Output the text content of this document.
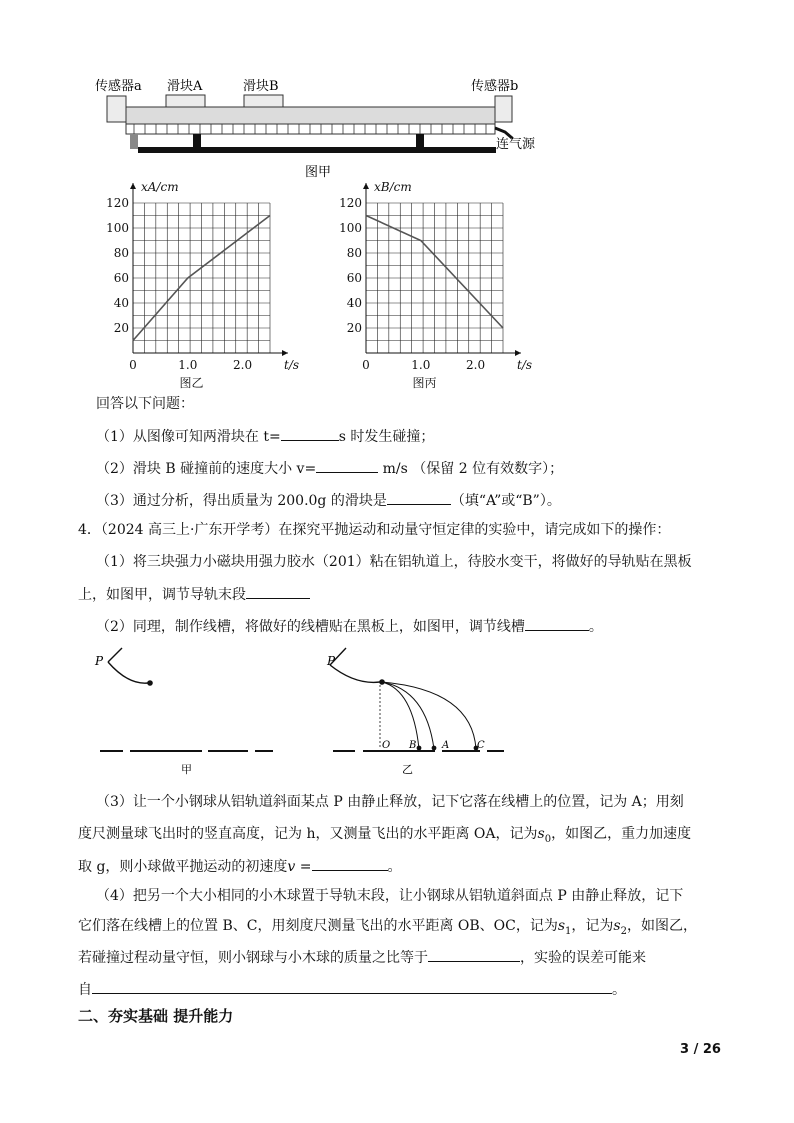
传感器a 滑块A	滑块B	传感器b
连气源
图甲
20
40
60
80
100
120
0	1.0	2.0
xA/cm
t/s
图乙
20
40
60
80
100
120
0	1.0	2.0
xB/cm
t/s
图丙
回答以下问题：
（1）从图像可知两滑块在 t=	s 时发生碰撞；
（2）滑块 B 碰撞前的速度大小 v=	m/s （保留 2 位有效数字）；
（3）通过分析，得出质量为 200.0g 的滑块是	（填“A”或“B”）。
4．（2024 高三上·广东开学考）在探究平抛运动和动量守恒定律的实验中，请完成如下的操作：
（1）将三块强力小磁块用强力胶水（201）粘在铝轨道上，待胶水变干，将做好的导轨贴在黑板
上，如图甲，调节导轨末段
（2）同理，制作线槽，将做好的线槽贴在黑板上，如图甲，调节线槽	。
P
甲
P
O B	A	C
乙
（3）让一个小钢球从铝轨道斜面某点 P 由静止释放，记下它落在线槽上的位置，记为 A；用刻
度尺测量球飞出时的竖直高度，记为 h，又测量飞出的水平距离 OA，记为$s_0$，如图乙，重力加速度
取 g，则小球做平抛运动的初速度v =	。
（4）把另一个大小相同的小木球置于导轨末段，让小钢球从铝轨道斜面点 P 由静止释放，记下
它们落在线槽上的位置 B、C，用刻度尺测量飞出的水平距离 OB、OC，记为$s_1$，记为$s_2$，如图乙，
若碰撞过程动量守恒，则小钢球与小木球的质量之比等于	，实验的误差可能来
自	。
二、夯实基础 提升能力
3 / 26
